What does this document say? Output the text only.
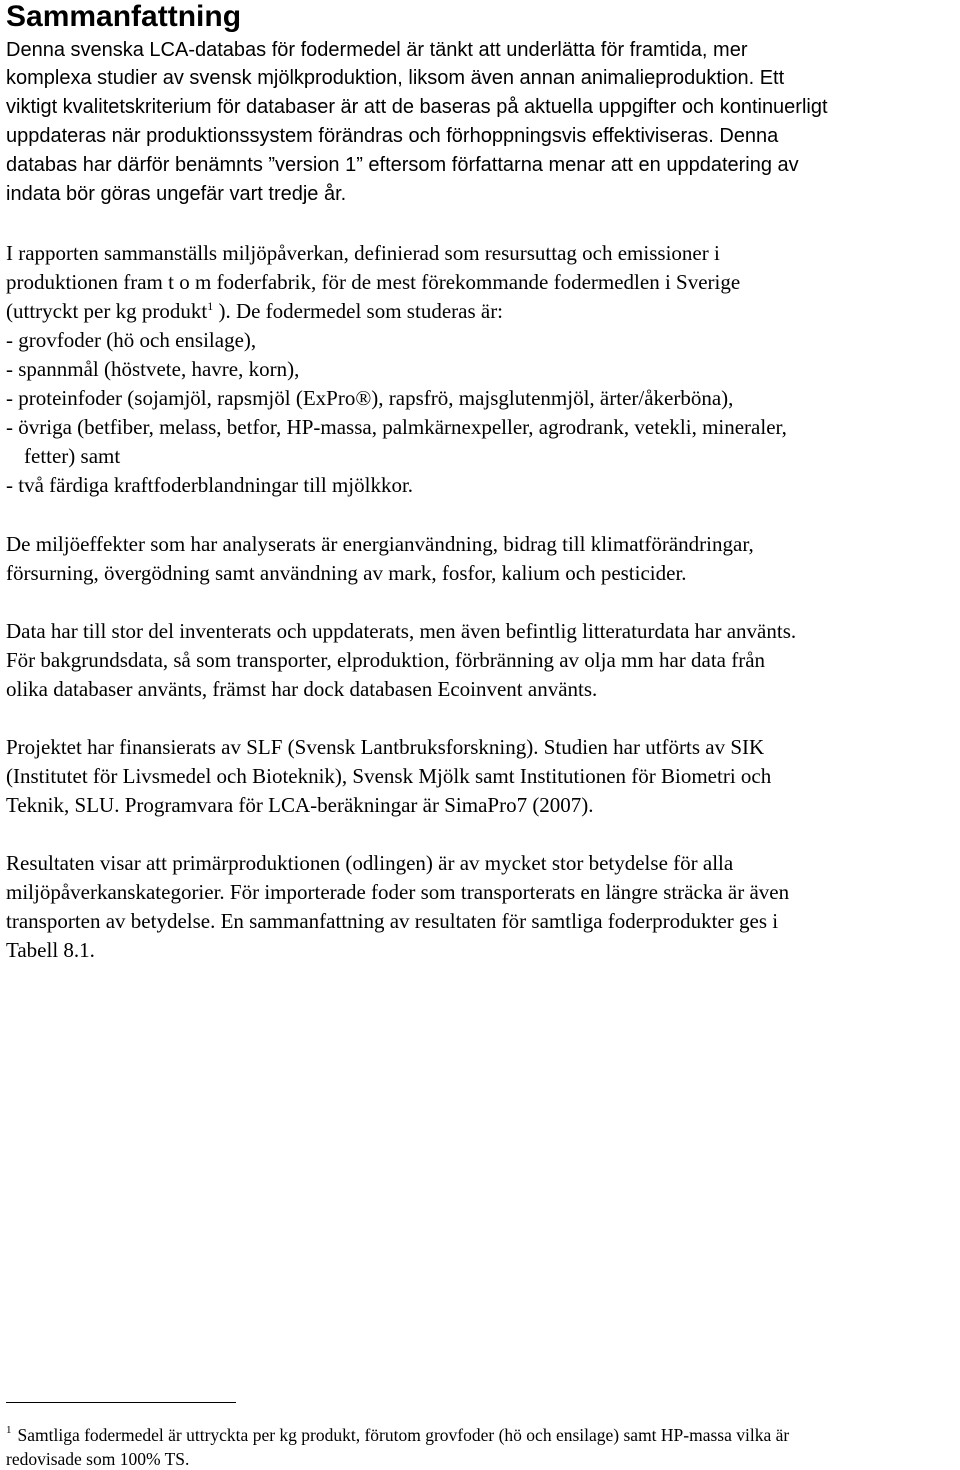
Sammanfattning

Denna svenska LCA-databas för fodermedel är tänkt att underlätta för framtida, mer

komplexa studier av svensk mjölkproduktion, liksom även annan animalieproduktion. Ett

viktigt kvalitetskriterium för databaser är att de baseras på aktuella uppgifter och kontinuerligt

uppdateras när produktionssystem förändras och förhoppningsvis effektiviseras. Denna

databas har därför benämnts ”version 1” eftersom författarna menar att en uppdatering av

indata bör göras ungefär vart tredje år.

I rapporten sammanställs miljöpåverkan, definierad som resursuttag och emissioner i

produktionen fram t o m foderfabrik, för de mest förekommande fodermedlen i Sverige

(uttryckt per kg produkt$^1$ ). De fodermedel som studeras är:

- grovfoder (hö och ensilage),

- spannmål (höstvete, havre, korn),

- proteinfoder (sojamjöl, rapsmjöl (ExPro®), rapsfrö, majsglutenmjöl, ärter/åkerböna),

- övriga (betfiber, melass, betfor, HP-massa, palmkärnexpeller, agrodrank, vetekli, mineraler,

fetter) samt

- två färdiga kraftfoderblandningar till mjölkkor.

De miljöeffekter som har analyserats är energianvändning, bidrag till klimatförändringar,

försurning, övergödning samt användning av mark, fosfor, kalium och pesticider.

Data har till stor del inventerats och uppdaterats, men även befintlig litteraturdata har använts.

För bakgrundsdata, så som transporter, elproduktion, förbränning av olja mm har data från

olika databaser använts, främst har dock databasen Ecoinvent använts.

Projektet har finansierats av SLF (Svensk Lantbruksforskning). Studien har utförts av SIK

(Institutet för Livsmedel och Bioteknik), Svensk Mjölk samt Institutionen för Biometri och

Teknik, SLU. Programvara för LCA-beräkningar är SimaPro7 (2007).

Resultaten visar att primärproduktionen (odlingen) är av mycket stor betydelse för alla

miljöpåverkanskategorier. För importerade foder som transporterats en längre sträcka är även

transporten av betydelse. En sammanfattning av resultaten för samtliga foderprodukter ges i

Tabell 8.1.

$^1$ Samtliga fodermedel är uttryckta per kg produkt, förutom grovfoder (hö och ensilage) samt HP-massa vilka är

redovisade som 100% TS.
